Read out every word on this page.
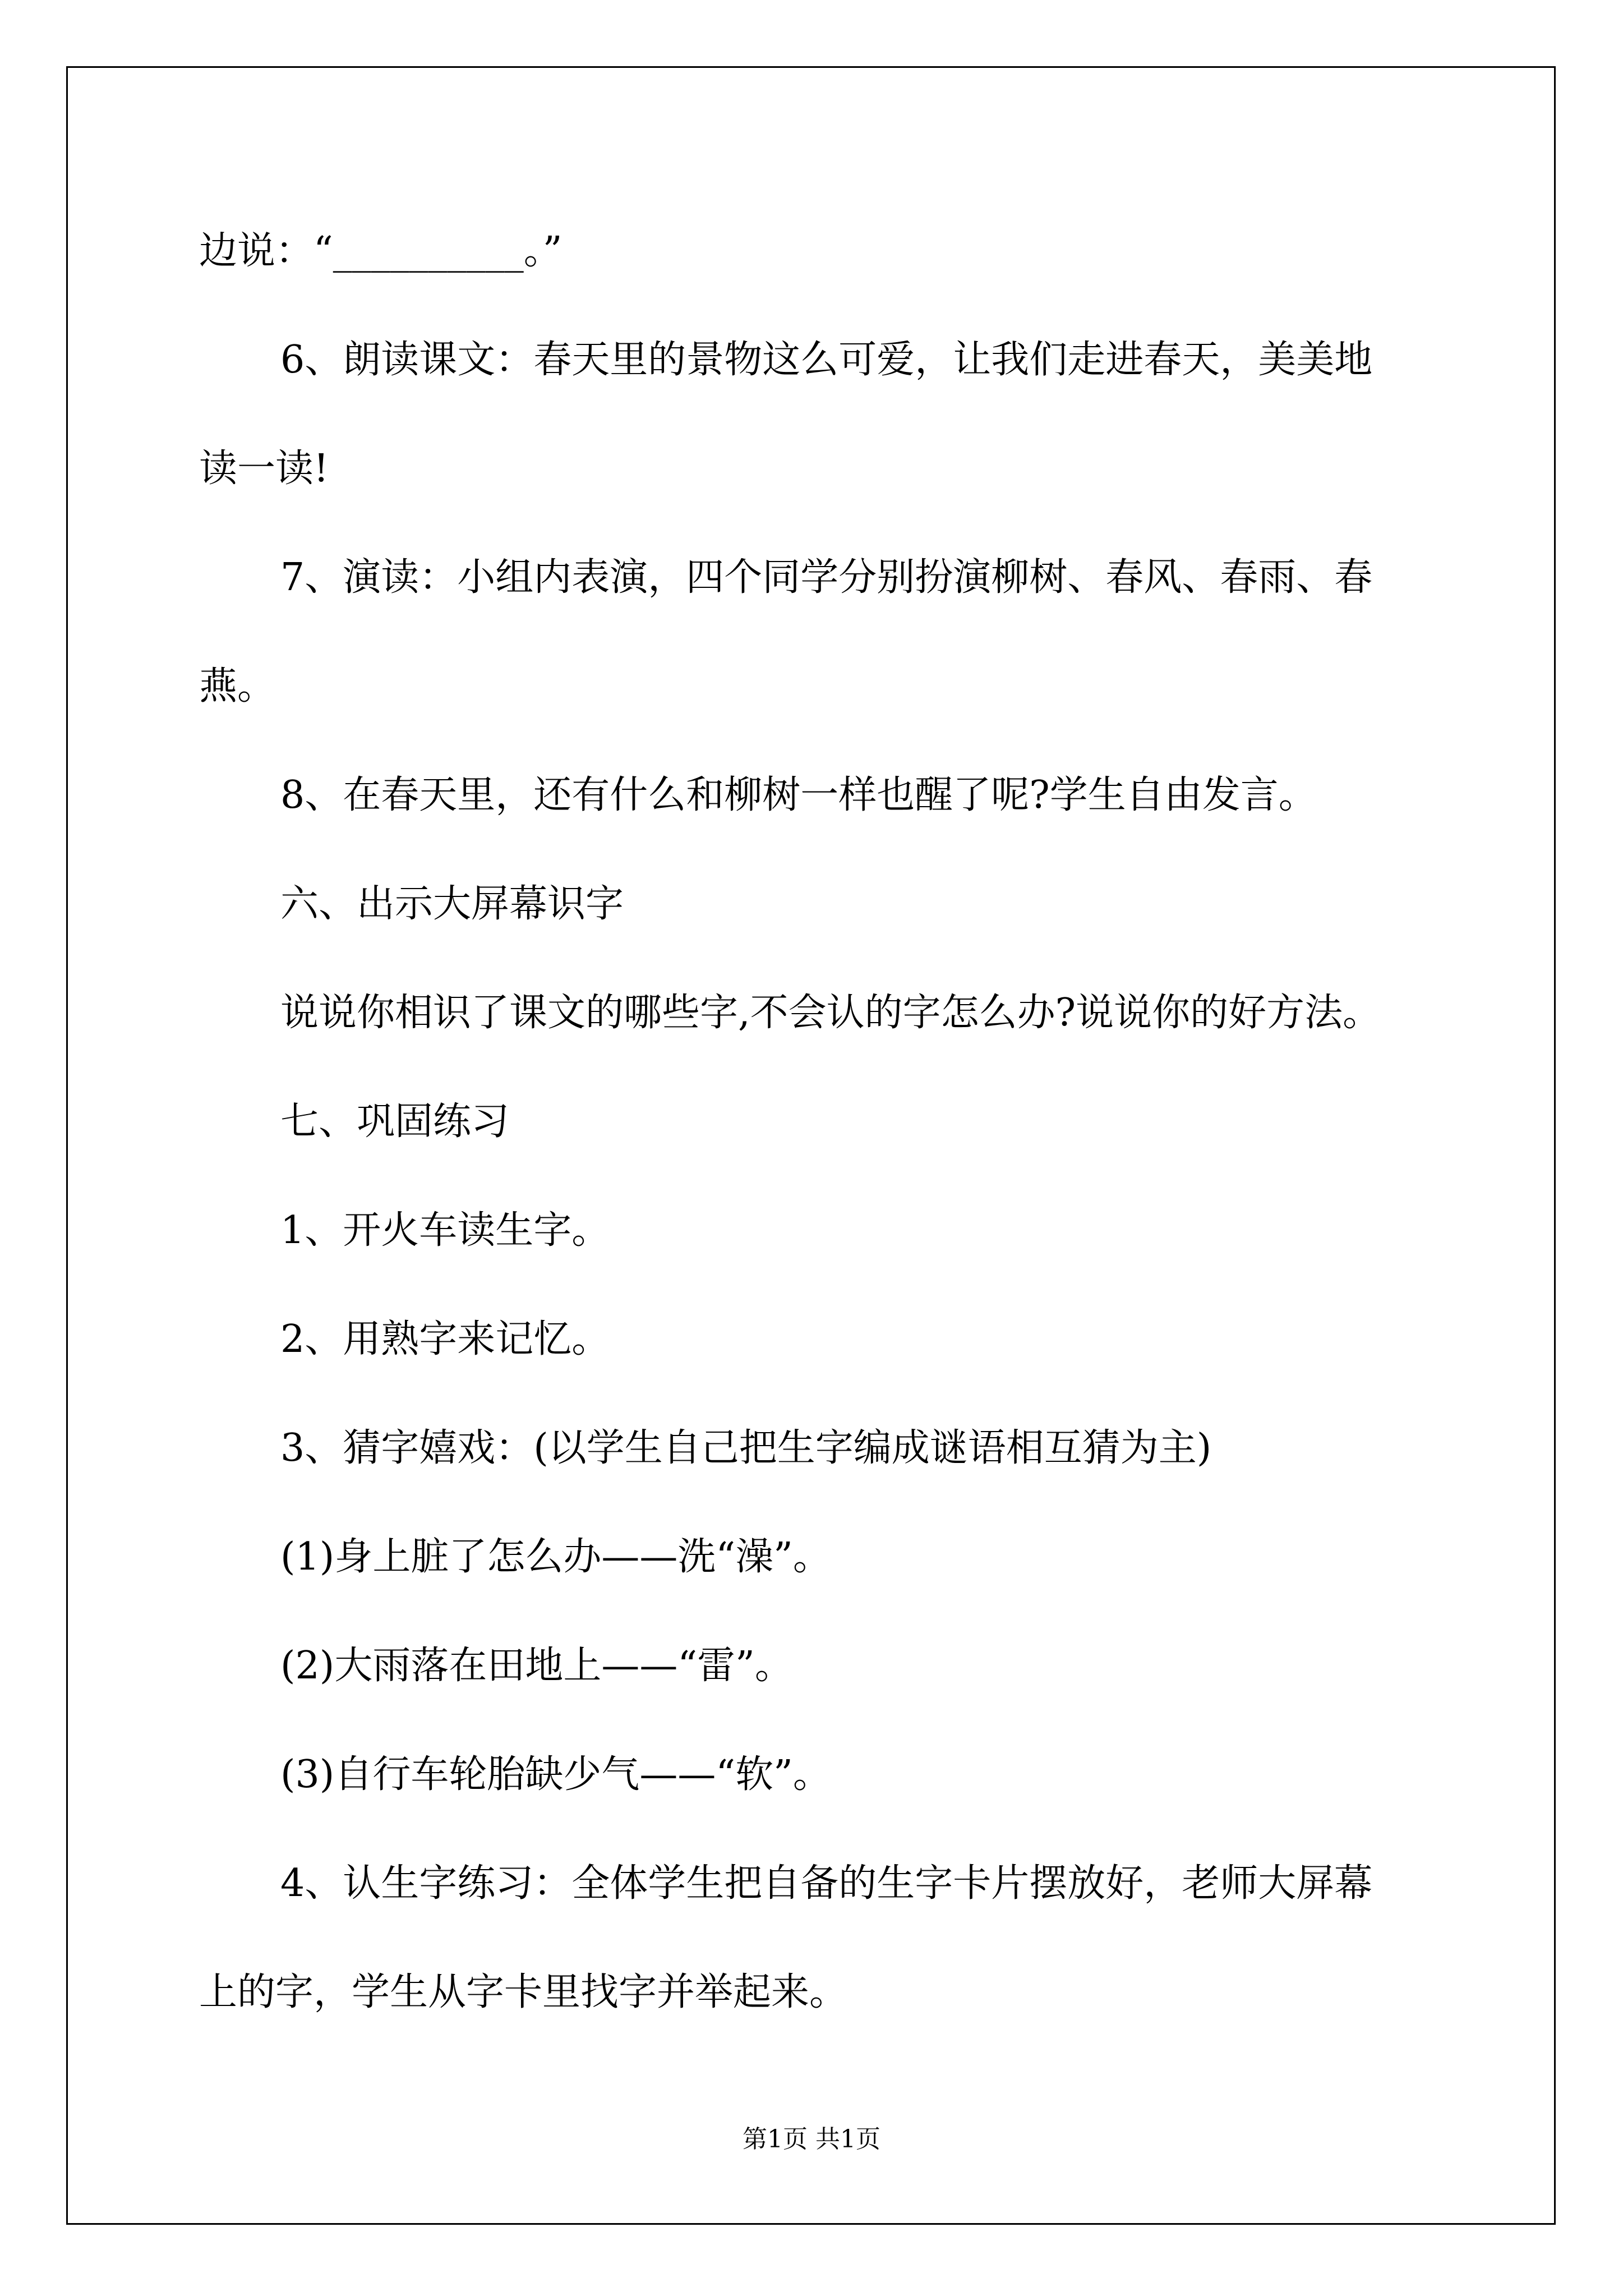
边说：“__________。”

6、朗读课文：春天里的景物这么可爱，让我们走进春天，美美地

读一读!

7、演读：小组内表演，四个同学分别扮演柳树、春风、春雨、春

燕。

8、在春天里，还有什么和柳树一样也醒了呢?学生自由发言。

六、出示大屏幕识字

说说你相识了课文的哪些字,不会认的字怎么办?说说你的好方法。

七、巩固练习

1、开火车读生字。

2、用熟字来记忆。

3、猜字嬉戏：(以学生自己把生字编成谜语相互猜为主)

(1)身上脏了怎么办——洗“澡”。

(2)大雨落在田地上——“雷”。

(3)自行车轮胎缺少气——“软”。

4、认生字练习：全体学生把自备的生字卡片摆放好，老师大屏幕

上的字，学生从字卡里找字并举起来。

第1页 共1页
